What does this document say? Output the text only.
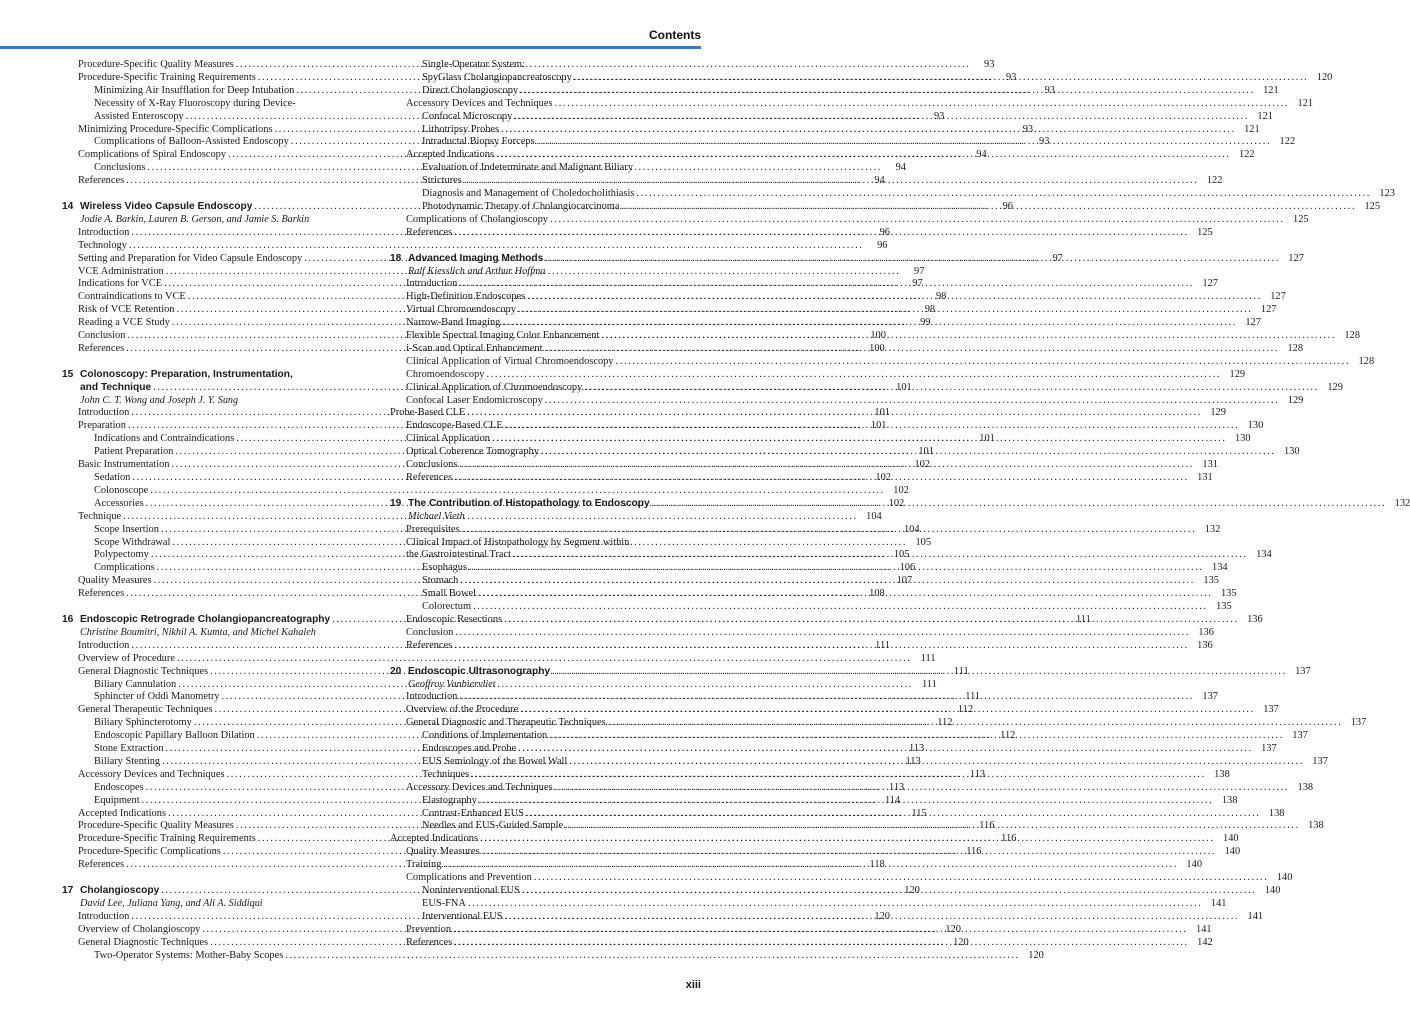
Contents
Procedure-Specific Quality Measures .....	93
Procedure-Specific Training Requirements .....	93
Minimizing Air Insufflation for Deep Intubation .....	93
Necessity of X-Ray Fluoroscopy during Device-
Assisted Enteroscopy .....	93
Minimizing Procedure-Specific Complications .....	93
Complications of Balloon-Assisted Endoscopy .....	93
Complications of Spiral Endoscopy .....	94
Conclusions .....	94
References .....	94
14 Wireless Video Capsule Endoscopy .....	96
Jodie A. Barkin, Lauren B. Gerson, and Jamie S. Barkin
Introduction .....	96
Technology .....	96
Setting and Preparation for Video Capsule Endoscopy .....	97
VCE Administration .....	97
Indications for VCE .....	97
Contraindications to VCE .....	98
Risk of VCE Retention .....	98
Reading a VCE Study .....	99
Conclusion .....	100
References .....	100
15 Colonoscopy: Preparation, Instrumentation,
and Technique .....	101
John C. T. Wong and Joseph J. Y. Sung
Introduction .....	101
Preparation .....	101
Indications and Contraindications .....	101
Patient Preparation .....	101
Basic Instrumentation .....	102
Sedation .....	102
Colonoscope .....	102
Accessories .....	102
Technique .....	104
Scope Insertion .....	104
Scope Withdrawal .....	105
Polypectomy .....	105
Complications .....	106
Quality Measures .....	107
References .....	108
16 Endoscopic Retrograde Cholangiopancreatography .....	111
Christine Boumitri, Nikhil A. Kumta, and Michel Kahaleh
Introduction .....	111
Overview of Procedure .....	111
General Diagnostic Techniques .....	111
Biliary Cannulation .....	111
Sphincter of Oddi Manometry .....	111
General Therapeutic Techniques .....	112
Biliary Sphincterotomy .....	112
Endoscopic Papillary Balloon Dilation .....	112
Stone Extraction .....	113
Biliary Stenting .....	113
Accessory Devices and Techniques .....	113
Endoscopes .....	113
Equipment .....	114
Accepted Indications .....	115
Procedure-Specific Quality Measures .....	116
Procedure-Specific Training Requirements .....	116
Procedure-Specific Complications .....	116
References .....	118
17 Cholangioscopy .....	120
David Lee, Juliana Yang, and Ali A. Siddiqui
Introduction .....	120
Overview of Cholangioscopy .....	120
General Diagnostic Techniques .....	120
Two-Operator Systems: Mother-Baby Scopes .....	120
Single-Operator System:
SpyGlass Cholangiopancreatoscopy .....	120
Direct Cholangioscopy .....	121
Accessory Devices and Techniques .....	121
Confocal Microscopy .....	121
Lithotripsy Probes .....	121
Intraductal Biopsy Forceps .....	122
Accepted Indications .....	122
Evaluation of Indeterminate and Malignant Biliary
Strictures .....	122
Diagnosis and Management of Choledocholithiasis .....	123
Photodynamic Therapy of Cholangiocarcinoma .....	125
Complications of Cholangioscopy .....	125
References .....	125
18 Advanced Imaging Methods .....	127
Ralf Kiesslich and Arthur Hoffma
Introduction .....	127
High-Definition Endoscopes .....	127
Virtual Chromoendoscopy .....	127
Narrow-Band Imaging .....	127
Flexible Spectral Imaging Color Enhancement .....	128
i-Scan and Optical Enhancement .....	128
Clinical Application of Virtual Chromoendoscopy .....	128
Chromoendoscopy .....	129
Clinical Application of Chromoendoscopy .....	129
Confocal Laser Endomicroscopy .....	129
Probe-Based CLE .....	129
Endoscope-Based CLE .....	130
Clinical Application .....	130
Optical Coherence Tomography .....	130
Conclusions .....	131
References .....	131
19 The Contribution of Histopathology to Endoscopy .....	132
Michael Vieth
Prerequisites .....	132
Clinical Impact of Histopathology by Segment within
the Gastrointestinal Tract .....	134
Esophagus .....	134
Stomach .....	135
Small Bowel .....	135
Colorectum .....	135
Endoscopic Resections .....	136
Conclusion .....	136
References .....	136
20 Endoscopic Ultrasonography .....	137
Geoffroy Vanbiervliet
Introduction .....	137
Overview of the Procedure .....	137
General Diagnostic and Therapeutic Techniques .....	137
Conditions of Implementation .....	137
Endoscopes and Probe .....	137
EUS Semiology of the Bowel Wall .....	137
Techniques .....	138
Accessory Devices and Techniques .....	138
Elastography .....	138
Contrast-Enhanced EUS .....	138
Needles and EUS-Guided Sample .....	138
Accepted Indications .....	140
Quality Measures .....	140
Training .....	140
Complications and Prevention .....	140
Noninterventional EUS .....	140
EUS-FNA .....	141
Interventional EUS .....	141
Prevention .....	141
References .....	142
xiii
